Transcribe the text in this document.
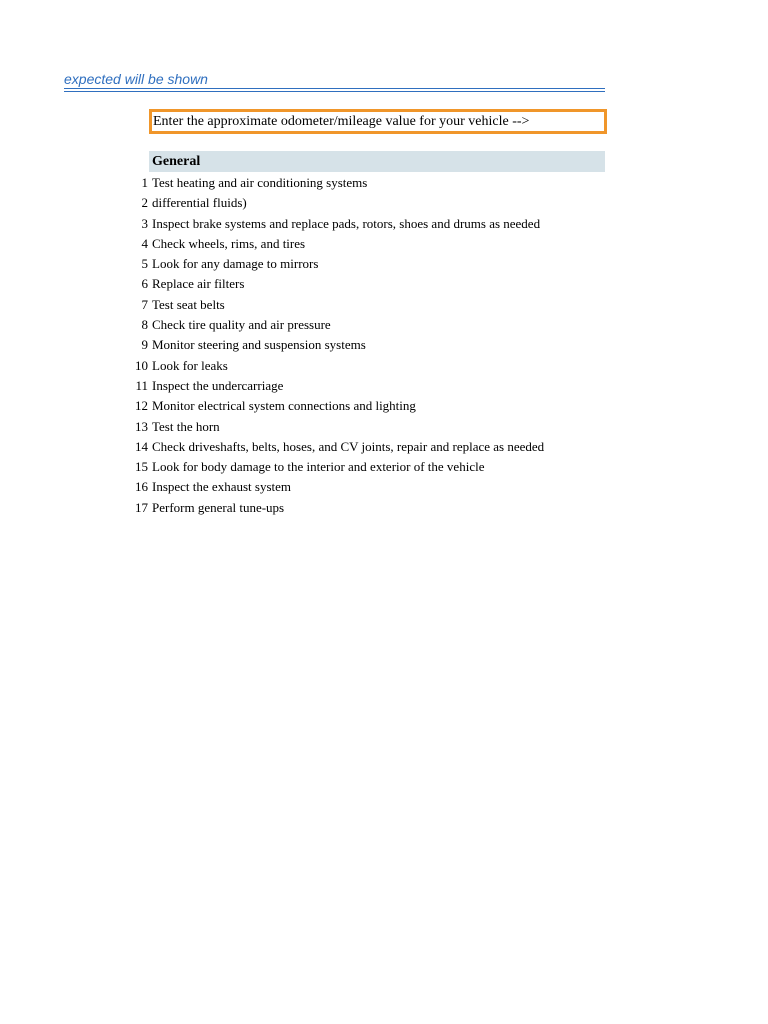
expected will be shown
Enter the approximate odometer/mileage value for your vehicle -->
General
1 Test heating and air conditioning systems
2 differential fluids)
3 Inspect brake systems and replace pads, rotors, shoes and drums as needed
4 Check wheels, rims, and tires
5 Look for any damage to mirrors
6 Replace air filters
7 Test seat belts
8 Check tire quality and air pressure
9 Monitor steering and suspension systems
10 Look for leaks
11 Inspect the undercarriage
12 Monitor electrical system connections and lighting
13 Test the horn
14 Check driveshafts, belts, hoses, and CV joints, repair and replace as needed
15 Look for body damage to the interior and exterior of the vehicle
16 Inspect the exhaust system
17 Perform general tune-ups
